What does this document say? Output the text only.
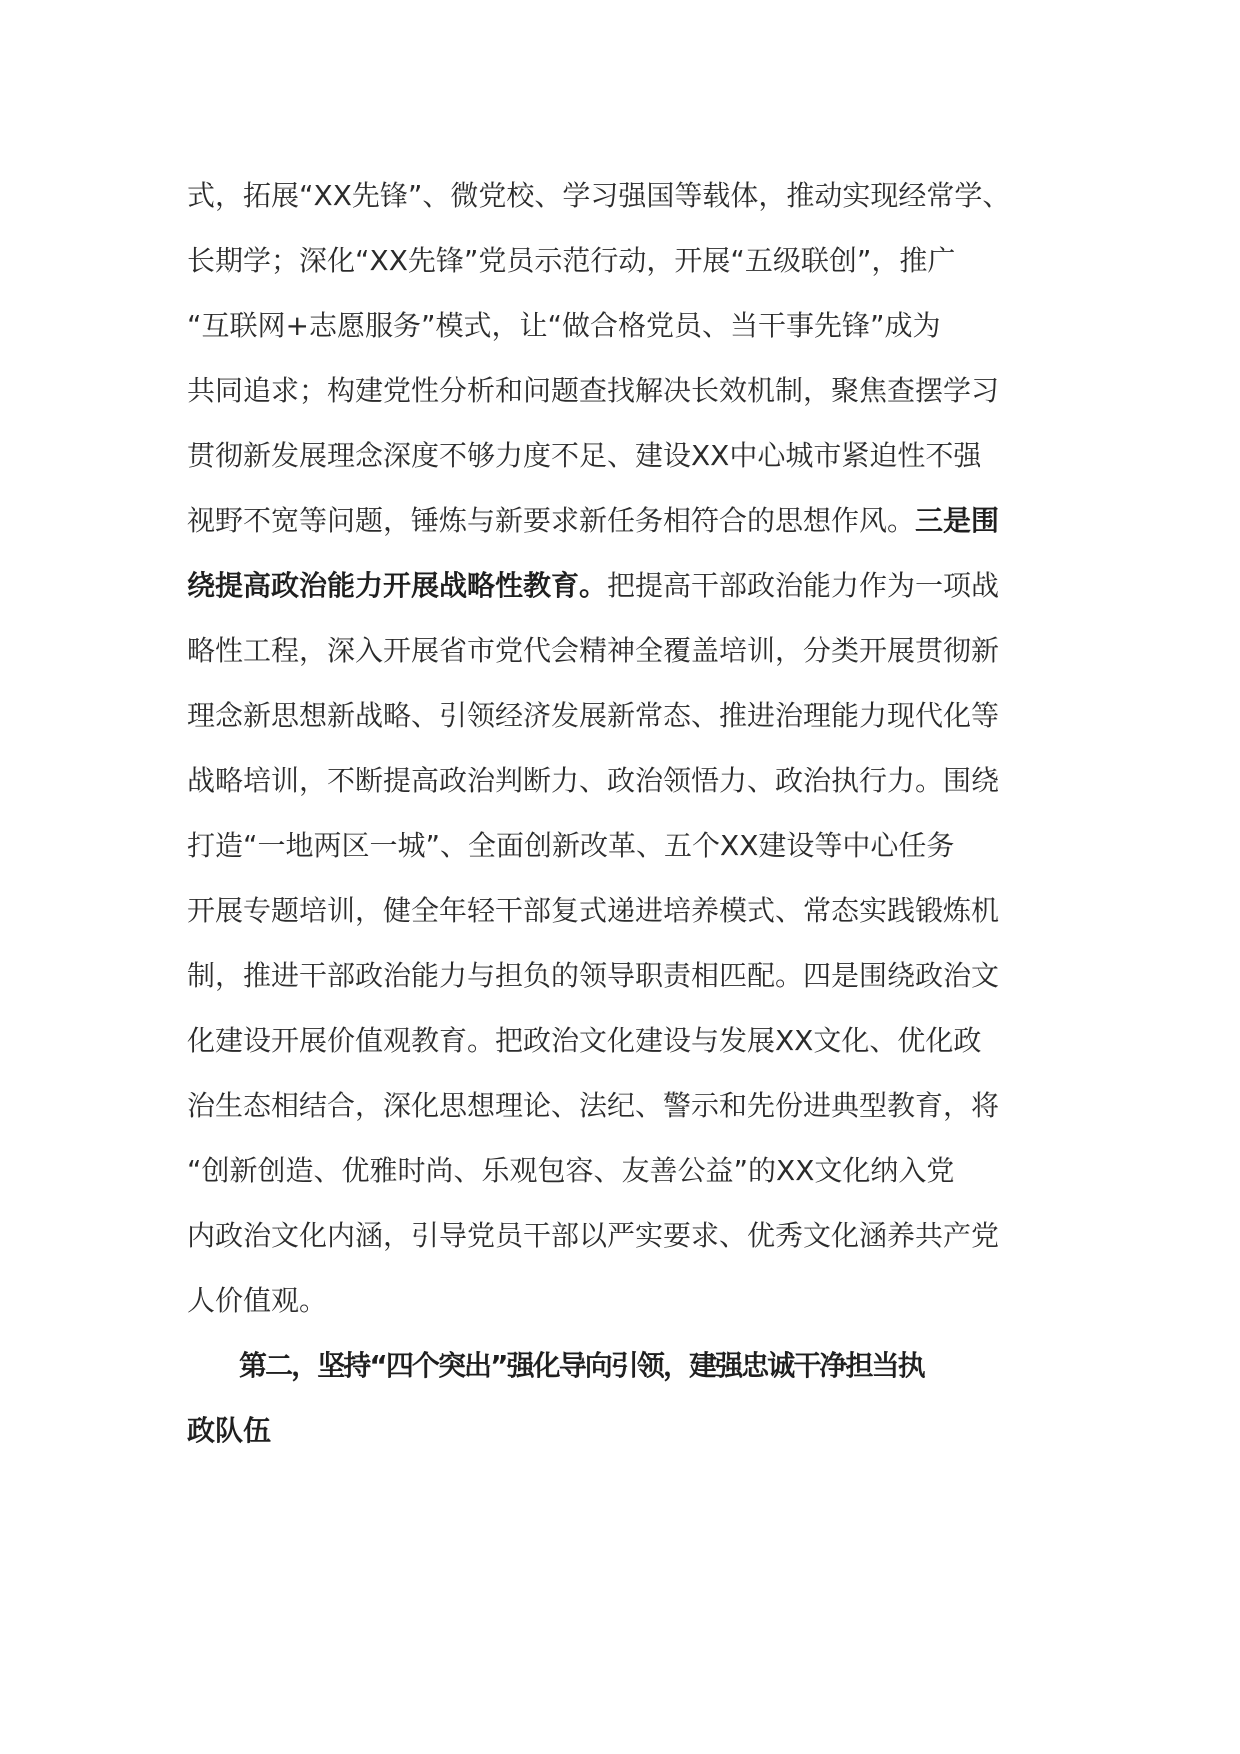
式，拓展“XX先锋”、微党校、学习强国等载体，推动实现经常学、
长期学；深化“XX先锋”党员示范行动，开展“五级联创”，推广
“互联网+志愿服务”模式，让“做合格党员、当干事先锋”成为
共同追求；构建党性分析和问题查找解决长效机制，聚焦查摆学习
贯彻新发展理念深度不够力度不足、建设XX中心城市紧迫性不强
视野不宽等问题，锤炼与新要求新任务相符合的思想作风。三是围
绕提高政治能力开展战略性教育。把提高干部政治能力作为一项战
略性工程，深入开展省市党代会精神全覆盖培训，分类开展贯彻新
理念新思想新战略、引领经济发展新常态、推进治理能力现代化等
战略培训，不断提高政治判断力、政治领悟力、政治执行力。围绕
打造“一地两区一城”、全面创新改革、五个XX建设等中心任务
开展专题培训，健全年轻干部复式递进培养模式、常态实践锻炼机
制，推进干部政治能力与担负的领导职责相匹配。四是围绕政治文
化建设开展价值观教育。把政治文化建设与发展XX文化、优化政
治生态相结合，深化思想理论、法纪、警示和先份进典型教育，将
“创新创造、优雅时尚、乐观包容、友善公益”的XX文化纳入党
内政治文化内涵，引导党员干部以严实要求、优秀文化涵养共产党
人价值观。
第二，坚持“四个突出”强化导向引领，建强忠诚干净担当执
政队伍
